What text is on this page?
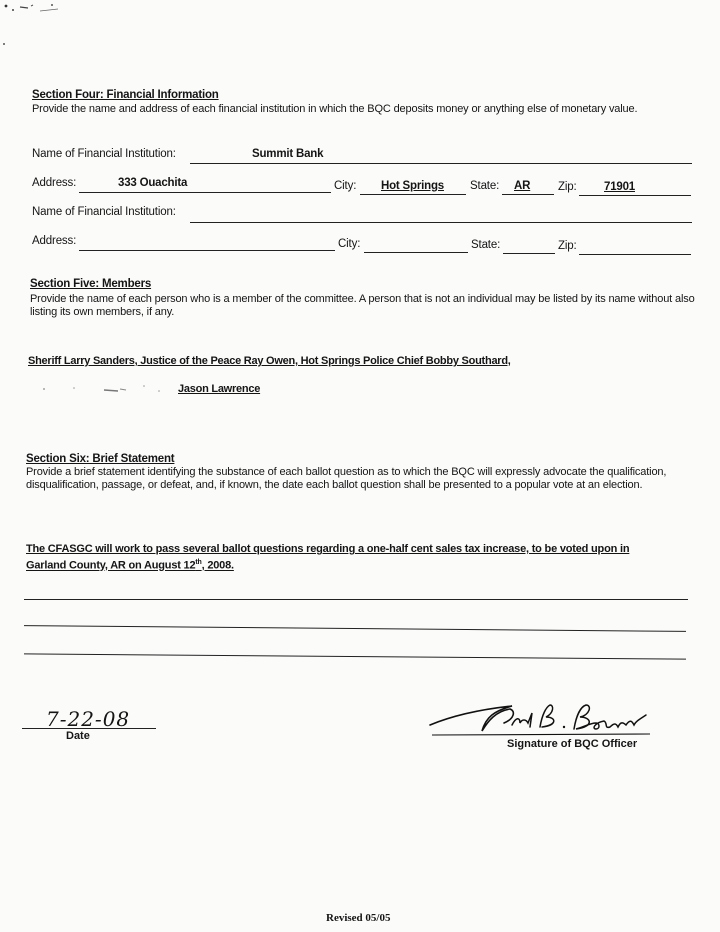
Section Four: Financial Information
Provide the name and address of each financial institution in which the BQC deposits money or anything else of monetary value.
Name of Financial Institution:	Summit Bank
Address:	333 Ouachita	City: Hot Springs State: AR Zip: 71901
Name of Financial Institution:
Address:	City:	State:	Zip:
Section Five: Members
Provide the name of each person who is a member of the committee. A person that is not an individual may be listed by its name without also listing its own members, if any.
Sheriff Larry Sanders, Justice of the Peace Ray Owen, Hot Springs Police Chief Bobby Southard,
Jason Lawrence
Section Six: Brief Statement
Provide a brief statement identifying the substance of each ballot question as to which the BQC will expressly advocate the qualification, disqualification, passage, or defeat, and, if known, the date each ballot question shall be presented to a popular vote at an election.
The CFASGC will work to pass several ballot questions regarding a one-half cent sales tax increase, to be voted upon in
Garland County, AR on August 12th, 2008.
7-22-08
Date
Signature of BQC Officer
Revised 05/05
